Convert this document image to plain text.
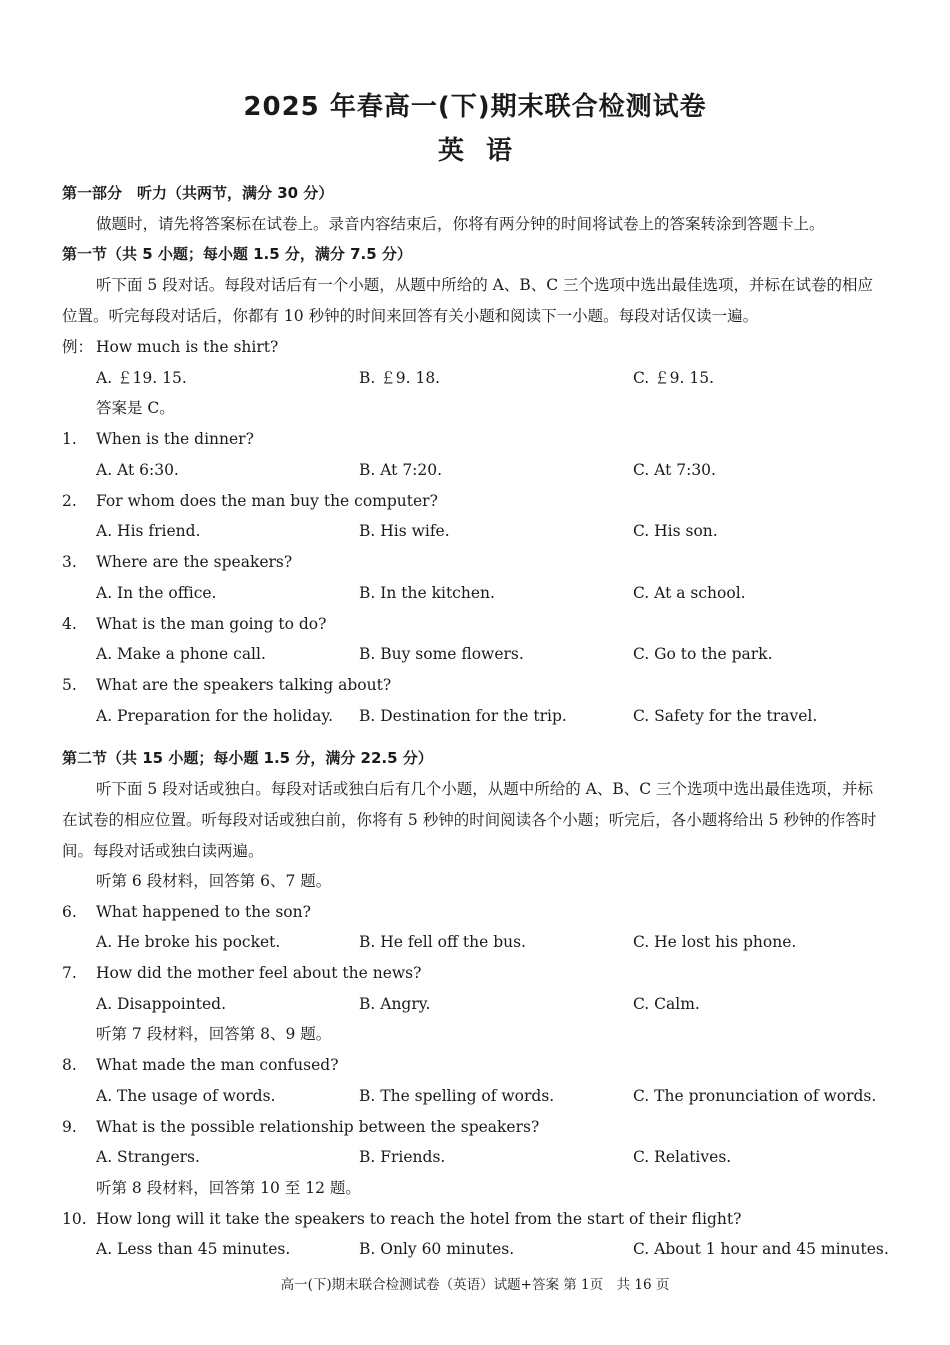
2025 年春高一(下)期末联合检测试卷
英语
第一部分　听力（共两节，满分 30 分）
做题时，请先将答案标在试卷上。录音内容结束后，你将有两分钟的时间将试卷上的答案转涂到答题卡上。
第一节（共 5 小题；每小题 1.5 分，满分 7.5 分）
听下面 5 段对话。每段对话后有一个小题，从题中所给的 A、B、C 三个选项中选出最佳选项，并标在试卷的相应位置。听完每段对话后，你都有 10 秒钟的时间来回答有关小题和阅读下一小题。每段对话仅读一遍。
例： How much is the shirt?
A. ￡19. 15.	B. ￡9. 18.	C. ￡9. 15.
答案是 C。
1. When is the dinner?
A. At 6:30.	B. At 7:20.	C. At 7:30.
2. For whom does the man buy the computer?
A. His friend.	B. His wife.	C. His son.
3. Where are the speakers?
A. In the office.	B. In the kitchen.	C. At a school.
4. What is the man going to do?
A. Make a phone call.	B. Buy some flowers.	C. Go to the park.
5. What are the speakers talking about?
A. Preparation for the holiday. B. Destination for the trip.	C. Safety for the travel.
第二节（共 15 小题；每小题 1.5 分，满分 22.5 分）
听下面 5 段对话或独白。每段对话或独白后有几个小题，从题中所给的 A、B、C 三个选项中选出最佳选项，并标在试卷的相应位置。听每段对话或独白前，你将有 5 秒钟的时间阅读各个小题；听完后，各小题将给出 5 秒钟的作答时间。每段对话或独白读两遍。
听第 6 段材料，回答第 6、7 题。
6. What happened to the son?
A. He broke his pocket.	B. He fell off the bus.	C. He lost his phone.
7. How did the mother feel about the news?
A. Disappointed.	B. Angry.	C. Calm.
听第 7 段材料，回答第 8、9 题。
8. What made the man confused?
A. The usage of words.	B. The spelling of words.	C. The pronunciation of words.
9. What is the possible relationship between the speakers?
A. Strangers.	B. Friends.	C. Relatives.
听第 8 段材料，回答第 10 至 12 题。
10. How long will it take the speakers to reach the hotel from the start of their flight?
A. Less than 45 minutes.	B. Only 60 minutes.	C. About 1 hour and 45 minutes.
高一(下)期末联合检测试卷（英语）试题+答案 第 1页　共 16 页
